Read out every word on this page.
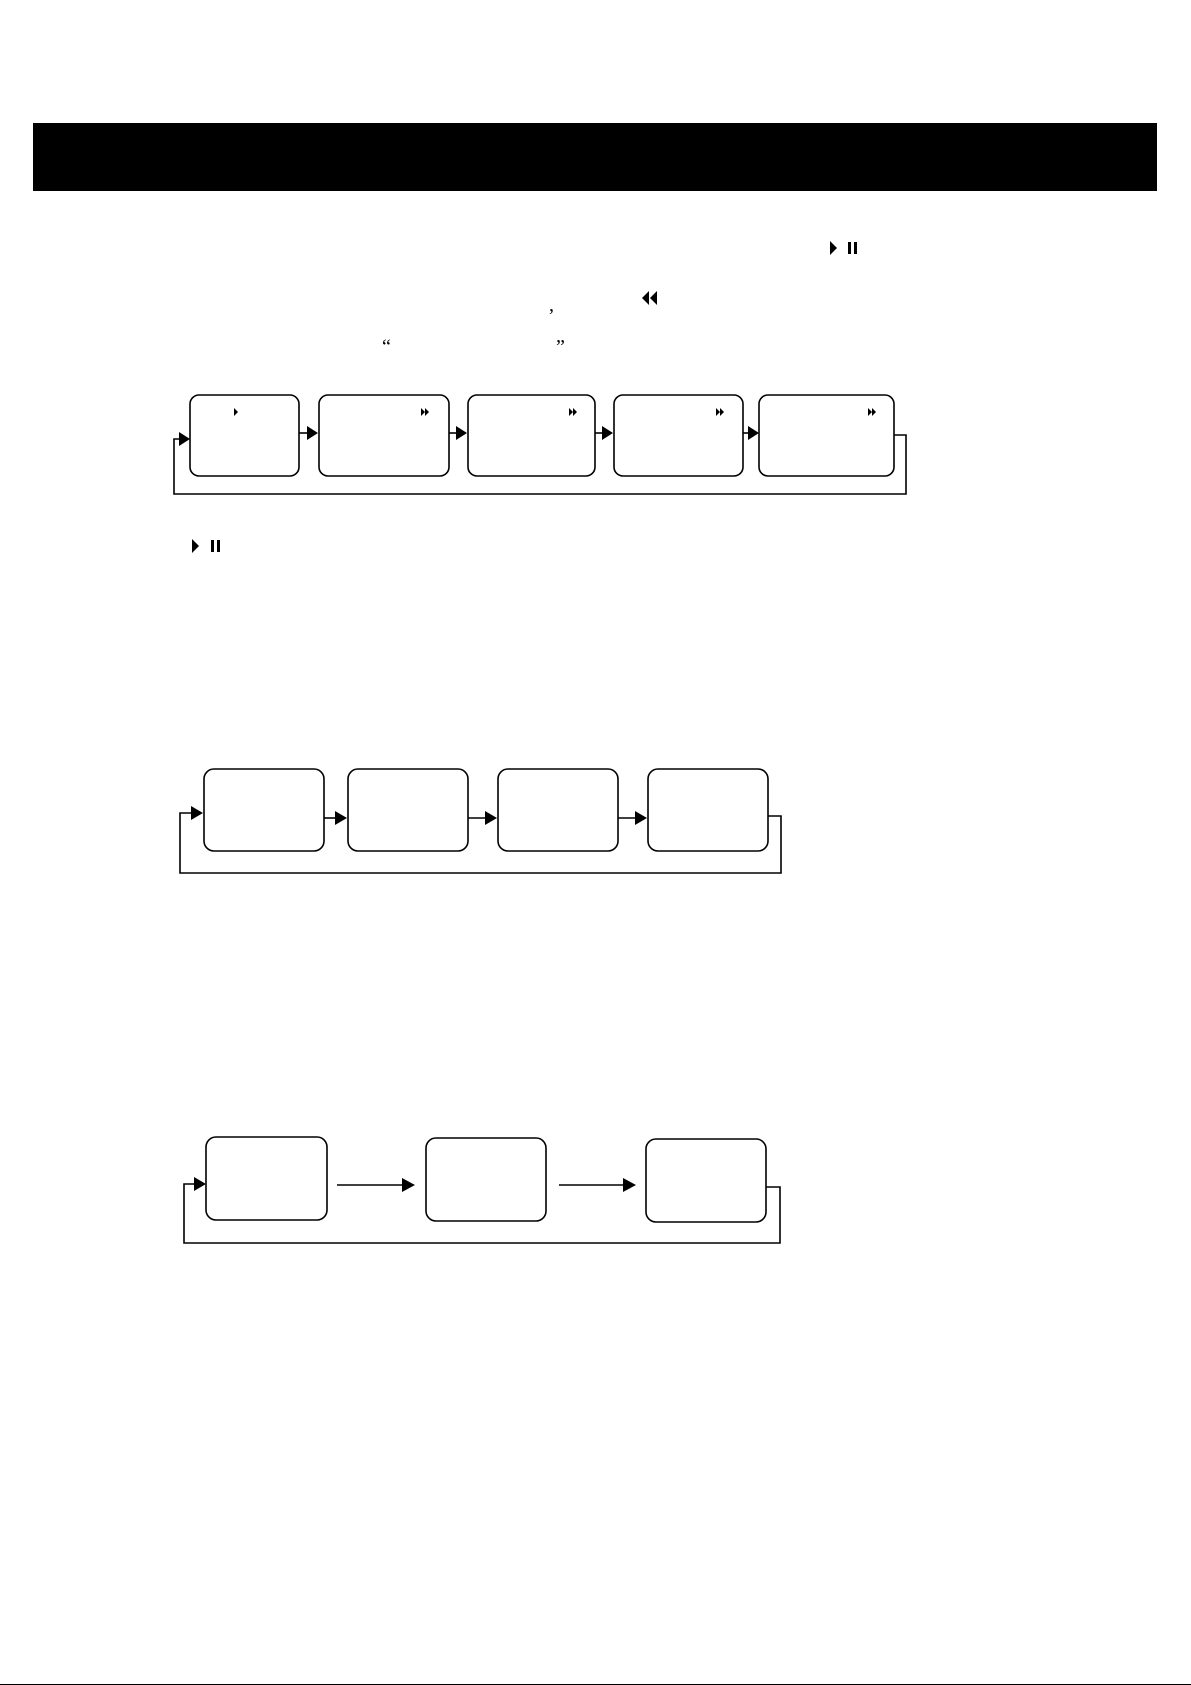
’
“	”
